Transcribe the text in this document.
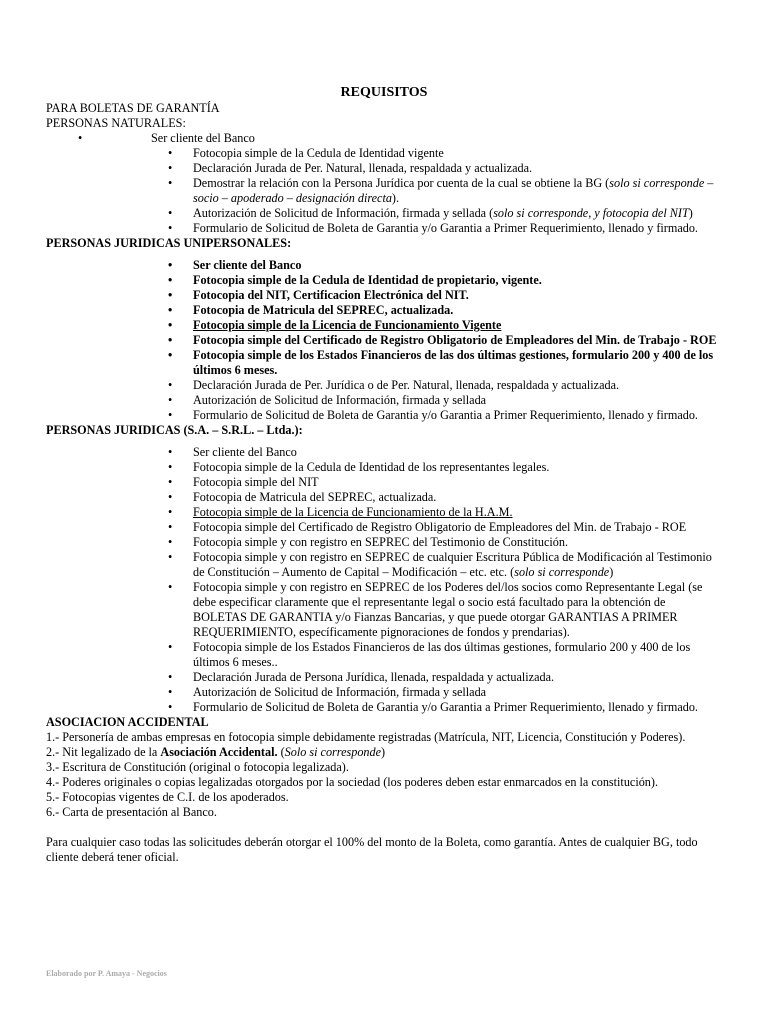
REQUISITOS
PARA BOLETAS DE GARANTÍA
PERSONAS NATURALES:
•	Ser cliente del Banco
• Fotocopia simple de la Cedula de Identidad vigente
• Declaración Jurada de Per. Natural, llenada, respaldada y actualizada.
• Demostrar la relación con la Persona Jurídica por cuenta de la cual se obtiene la BG (solo si corresponde – socio – apoderado – designación directa).
• Autorización de Solicitud de Información, firmada y sellada (solo si corresponde, y fotocopia del NIT)
• Formulario de Solicitud de Boleta de Garantia y/o Garantia a Primer Requerimiento, llenado y firmado.
PERSONAS JURIDICAS UNIPERSONALES:
• Ser cliente del Banco
• Fotocopia simple de la Cedula de Identidad de propietario, vigente.
• Fotocopia del NIT, Certificacion Electrónica del NIT.
• Fotocopia de Matricula del SEPREC, actualizada.
• Fotocopia simple de la Licencia de Funcionamiento Vigente
• Fotocopia simple del Certificado de Registro Obligatorio de Empleadores del Min. de Trabajo - ROE
• Fotocopia simple de los Estados Financieros de las dos últimas gestiones, formulario 200 y 400 de los últimos 6 meses.
• Declaración Jurada de Per. Jurídica o de Per. Natural, llenada, respaldada y actualizada.
• Autorización de Solicitud de Información, firmada y sellada
• Formulario de Solicitud de Boleta de Garantia y/o Garantia a Primer Requerimiento, llenado y firmado.
PERSONAS JURIDICAS (S.A. – S.R.L. – Ltda.):
• Ser cliente del Banco
• Fotocopia simple de la Cedula de Identidad de los representantes legales.
• Fotocopia simple del NIT
• Fotocopia de Matricula del SEPREC, actualizada.
• Fotocopia simple de la Licencia de Funcionamiento de la H.A.M.
• Fotocopia simple del Certificado de Registro Obligatorio de Empleadores del Min. de Trabajo - ROE
• Fotocopia simple y con registro en SEPREC del Testimonio de Constitución.
• Fotocopia simple y con registro en SEPREC de cualquier Escritura Pública de Modificación al Testimonio de Constitución – Aumento de Capital – Modificación – etc. etc. (solo si corresponde)
• Fotocopia simple y con registro en SEPREC de los Poderes del/los socios como Representante Legal (se debe especificar claramente que el representante legal o socio está facultado para la obtención de BOLETAS DE GARANTIA y/o Fianzas Bancarias, y que puede otorgar GARANTIAS A PRIMER REQUERIMIENTO, específicamente pignoraciones de fondos y prendarias).
• Fotocopia simple de los Estados Financieros de las dos últimas gestiones, formulario 200 y 400 de los últimos 6 meses..
• Declaración Jurada de Persona Jurídica, llenada, respaldada y actualizada.
• Autorización de Solicitud de Información, firmada y sellada
• Formulario de Solicitud de Boleta de Garantia y/o Garantia a Primer Requerimiento, llenado y firmado.
ASOCIACION ACCIDENTAL
1.- Personería de ambas empresas en fotocopia simple debidamente registradas (Matrícula, NIT, Licencia, Constitución y Poderes).
2.- Nit legalizado de la Asociación Accidental. (Solo si corresponde)
3.- Escritura de Constitución (original o fotocopia legalizada).
4.- Poderes originales o copias legalizadas otorgados por la sociedad (los poderes deben estar enmarcados en la constitución).
5.- Fotocopias vigentes de C.I. de los apoderados.
6.- Carta de presentación al Banco.
Para cualquier caso todas las solicitudes deberán otorgar el 100% del monto de la Boleta, como garantía. Antes de cualquier BG, todo cliente deberá tener oficial.
Elaborado por P. Amaya - Negocios
